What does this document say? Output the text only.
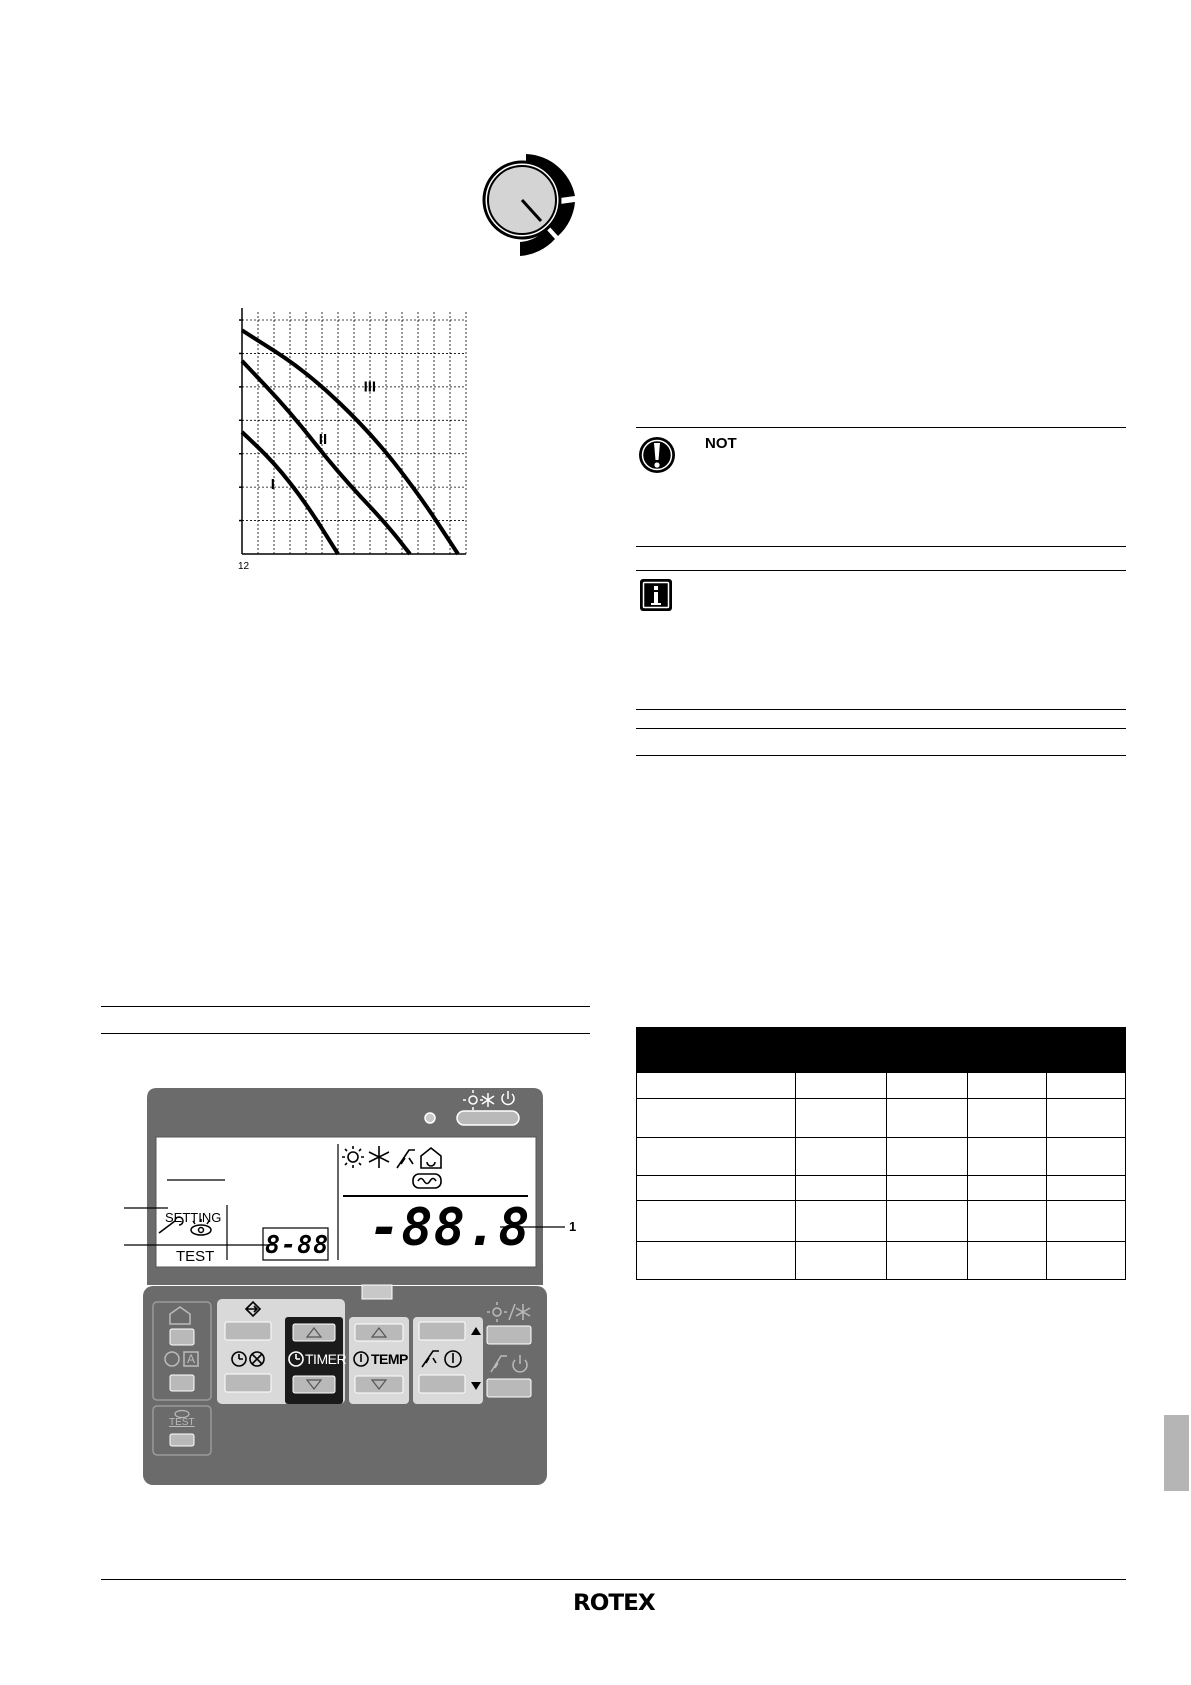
I
II
III
12
NOT

SETTING
TEST 8-88 -88.8
TIMER TEMP
A
TEST
1
ROTEX
